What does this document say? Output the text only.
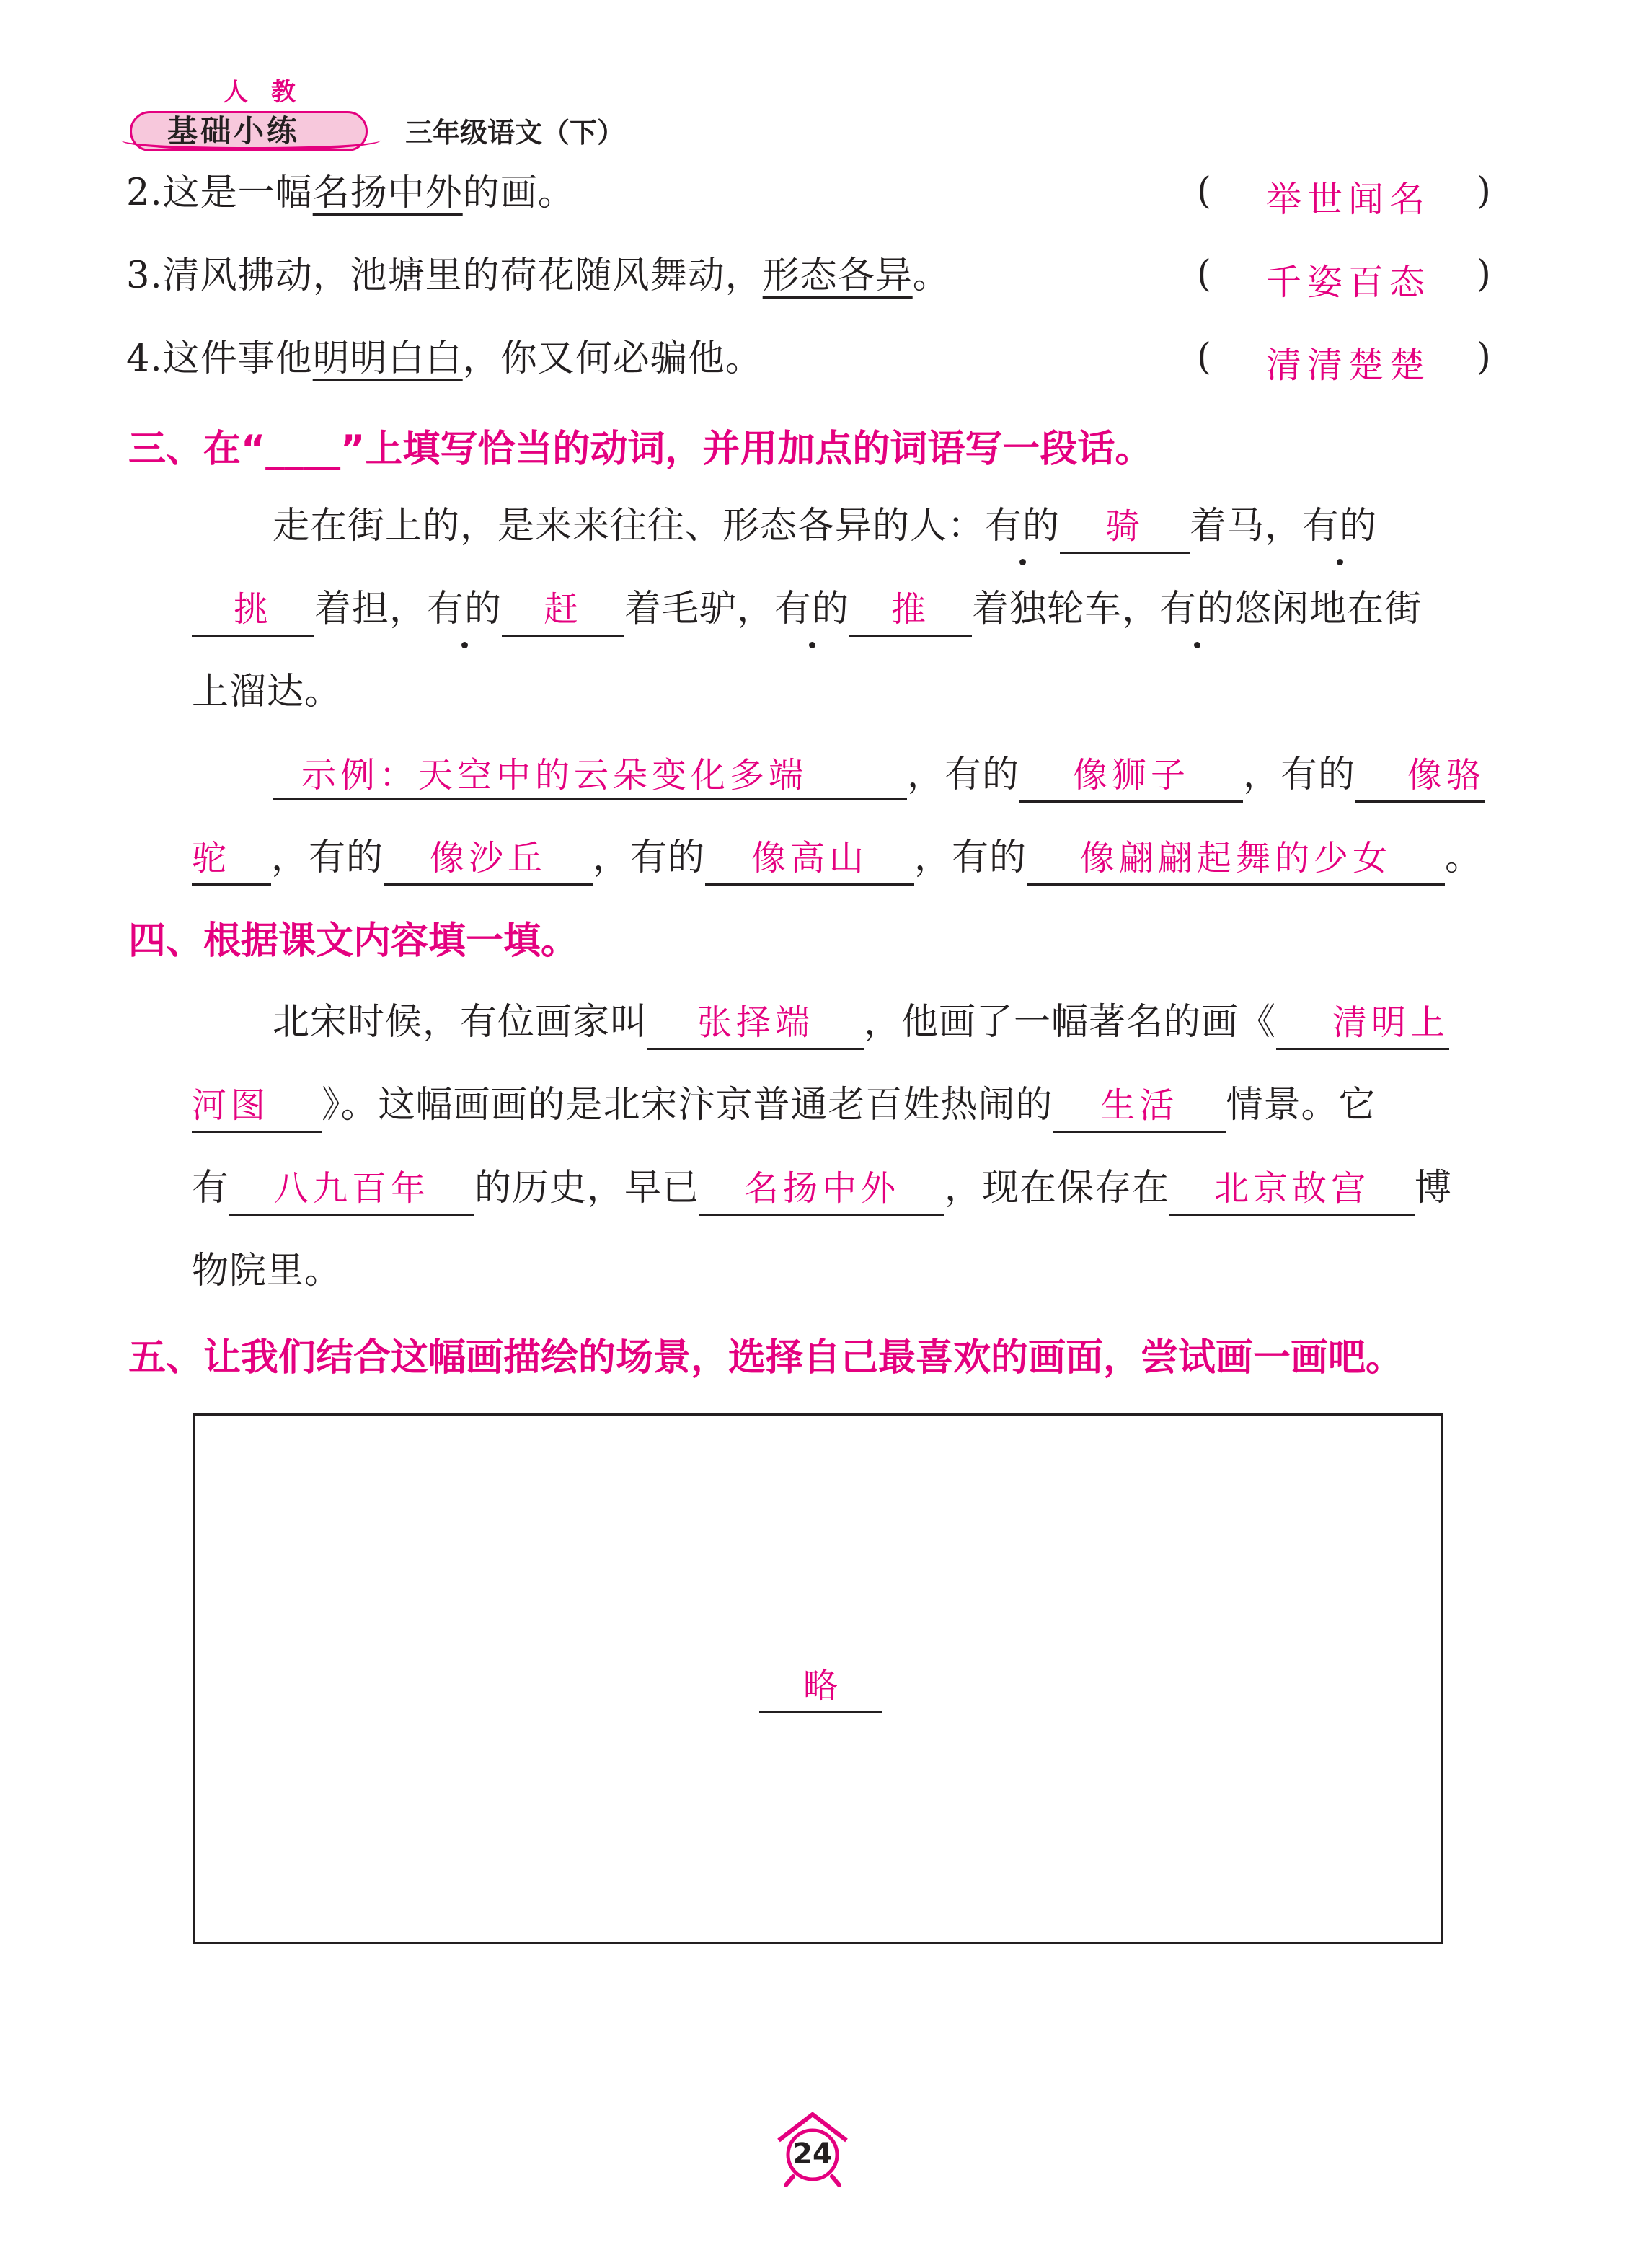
人 教
基础小练	三年级语文（下）
2.这是一幅名扬中外的画。	(	举世闻名	)
3.清风拂动，池塘里的荷花随风舞动，形态各异。	(	千姿百态	)
4.这件事他明明白白，你又何必骗他。	(	清清楚楚	)
三、在“____”上填写恰当的动词，并用加点的词语写一段话。
走在街上的，是来来往往、形态各异的人：有的 骑 着马，有的
挑 着担，有的 赶 着毛驴，有的 推 着独轮车，有的悠闲地在街
上溜达。
示例：天空中的云朵变化多端	，有的 像狮子 ，有的 像骆
驼 ，有的 像沙丘 ，有的 像高山 ，有的 像翩翩起舞的少女 。
四、根据课文内容填一填。
北宋时候，有位画家叫 张择端 ，他画了一幅著名的画《 清明上
河图 》。这幅画画的是北宋汴京普通老百姓热闹的 生活 情景。它
有 八九百年 的历史，早已 名扬中外 ，现在保存在 北京故宫 博
物院里。
五、让我们结合这幅画描绘的场景，选择自己最喜欢的画面，尝试画一画吧。
略
24
